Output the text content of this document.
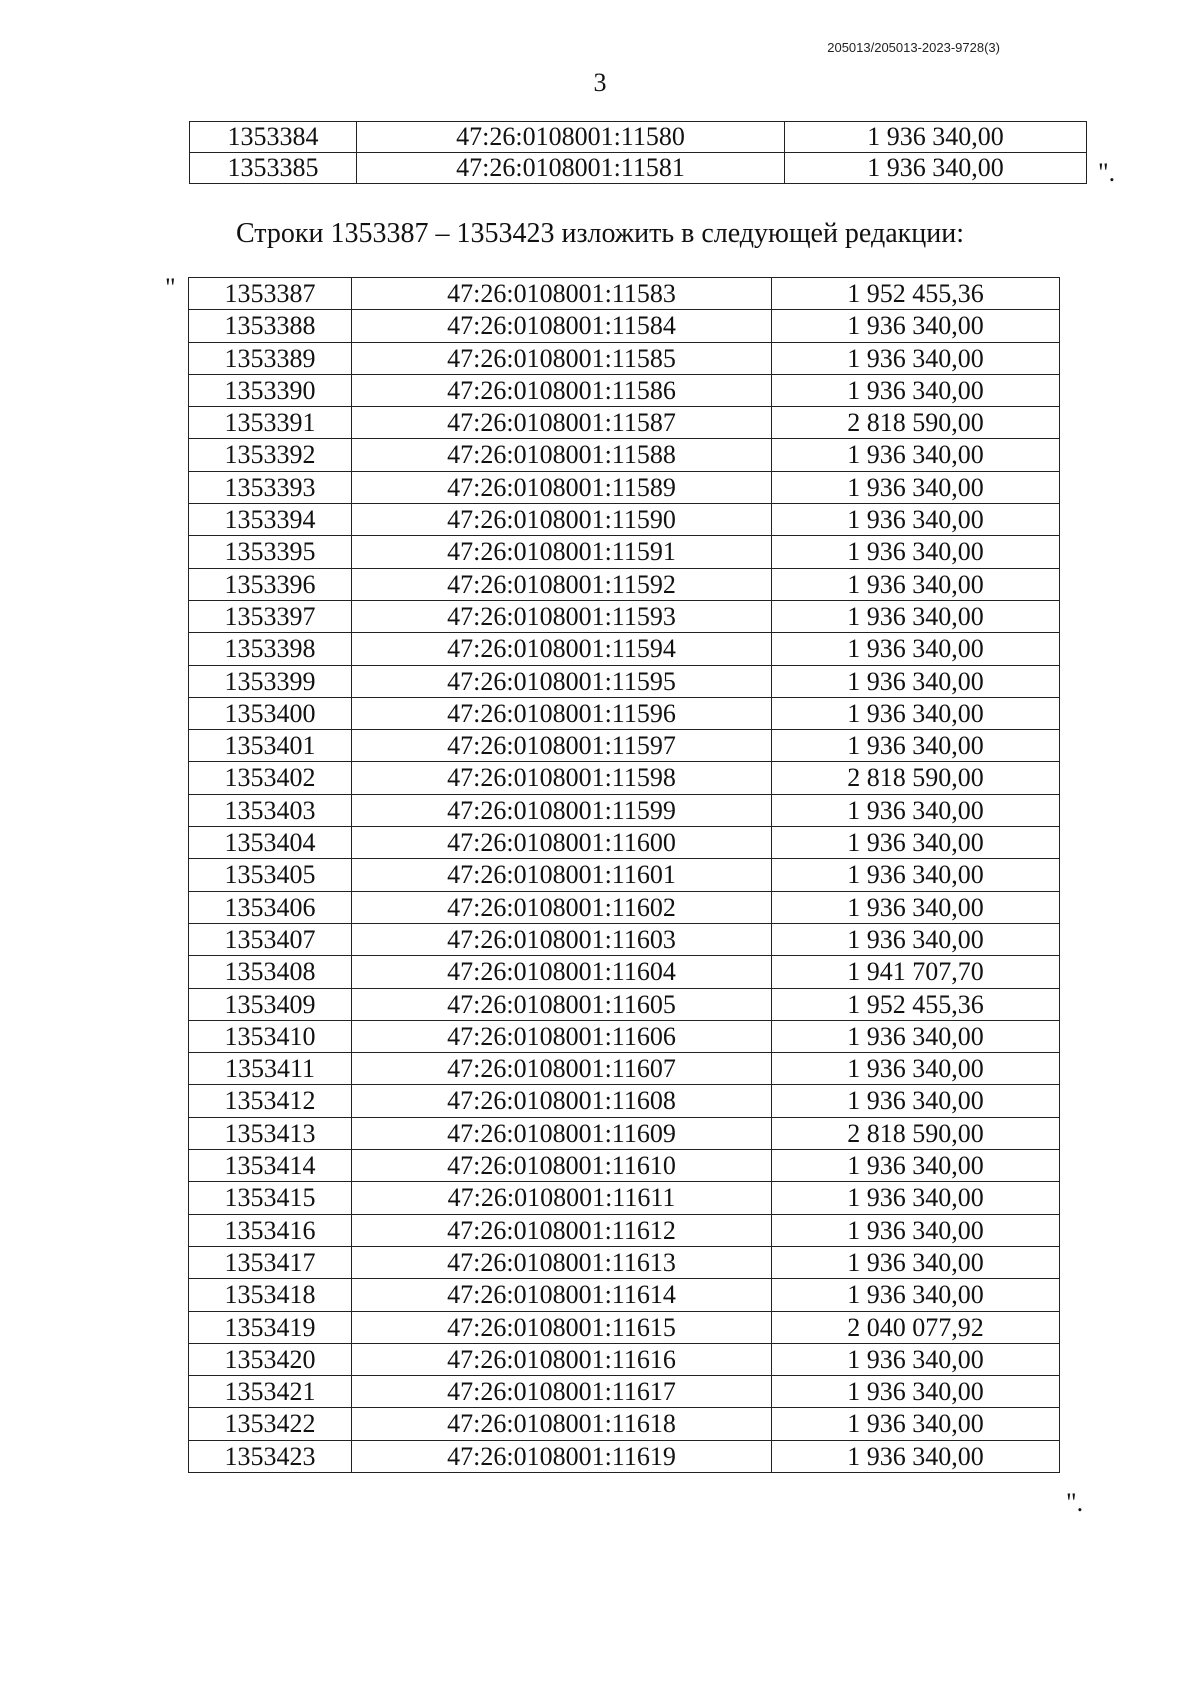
205013/205013-2023-9728(3)
3
1353384	47:26:0108001:11580	1 936 340,00
1353385	47:26:0108001:11581	1 936 340,00	".
Строки 1353387 – 1353423 изложить в следующей редакции:
" 1353387	47:26:0108001:11583	1 952 455,36
1353388	47:26:0108001:11584	1 936 340,00
1353389	47:26:0108001:11585	1 936 340,00
1353390	47:26:0108001:11586	1 936 340,00
1353391	47:26:0108001:11587	2 818 590,00
1353392	47:26:0108001:11588	1 936 340,00
1353393	47:26:0108001:11589	1 936 340,00
1353394	47:26:0108001:11590	1 936 340,00
1353395	47:26:0108001:11591	1 936 340,00
1353396	47:26:0108001:11592	1 936 340,00
1353397	47:26:0108001:11593	1 936 340,00
1353398	47:26:0108001:11594	1 936 340,00
1353399	47:26:0108001:11595	1 936 340,00
1353400	47:26:0108001:11596	1 936 340,00
1353401	47:26:0108001:11597	1 936 340,00
1353402	47:26:0108001:11598	2 818 590,00
1353403	47:26:0108001:11599	1 936 340,00
1353404	47:26:0108001:11600	1 936 340,00
1353405	47:26:0108001:11601	1 936 340,00
1353406	47:26:0108001:11602	1 936 340,00
1353407	47:26:0108001:11603	1 936 340,00
1353408	47:26:0108001:11604	1 941 707,70
1353409	47:26:0108001:11605	1 952 455,36
1353410	47:26:0108001:11606	1 936 340,00
1353411	47:26:0108001:11607	1 936 340,00
1353412	47:26:0108001:11608	1 936 340,00
1353413	47:26:0108001:11609	2 818 590,00
1353414	47:26:0108001:11610	1 936 340,00
1353415	47:26:0108001:11611	1 936 340,00
1353416	47:26:0108001:11612	1 936 340,00
1353417	47:26:0108001:11613	1 936 340,00
1353418	47:26:0108001:11614	1 936 340,00
1353419	47:26:0108001:11615	2 040 077,92
1353420	47:26:0108001:11616	1 936 340,00
1353421	47:26:0108001:11617	1 936 340,00
1353422	47:26:0108001:11618	1 936 340,00
1353423	47:26:0108001:11619	1 936 340,00
".
